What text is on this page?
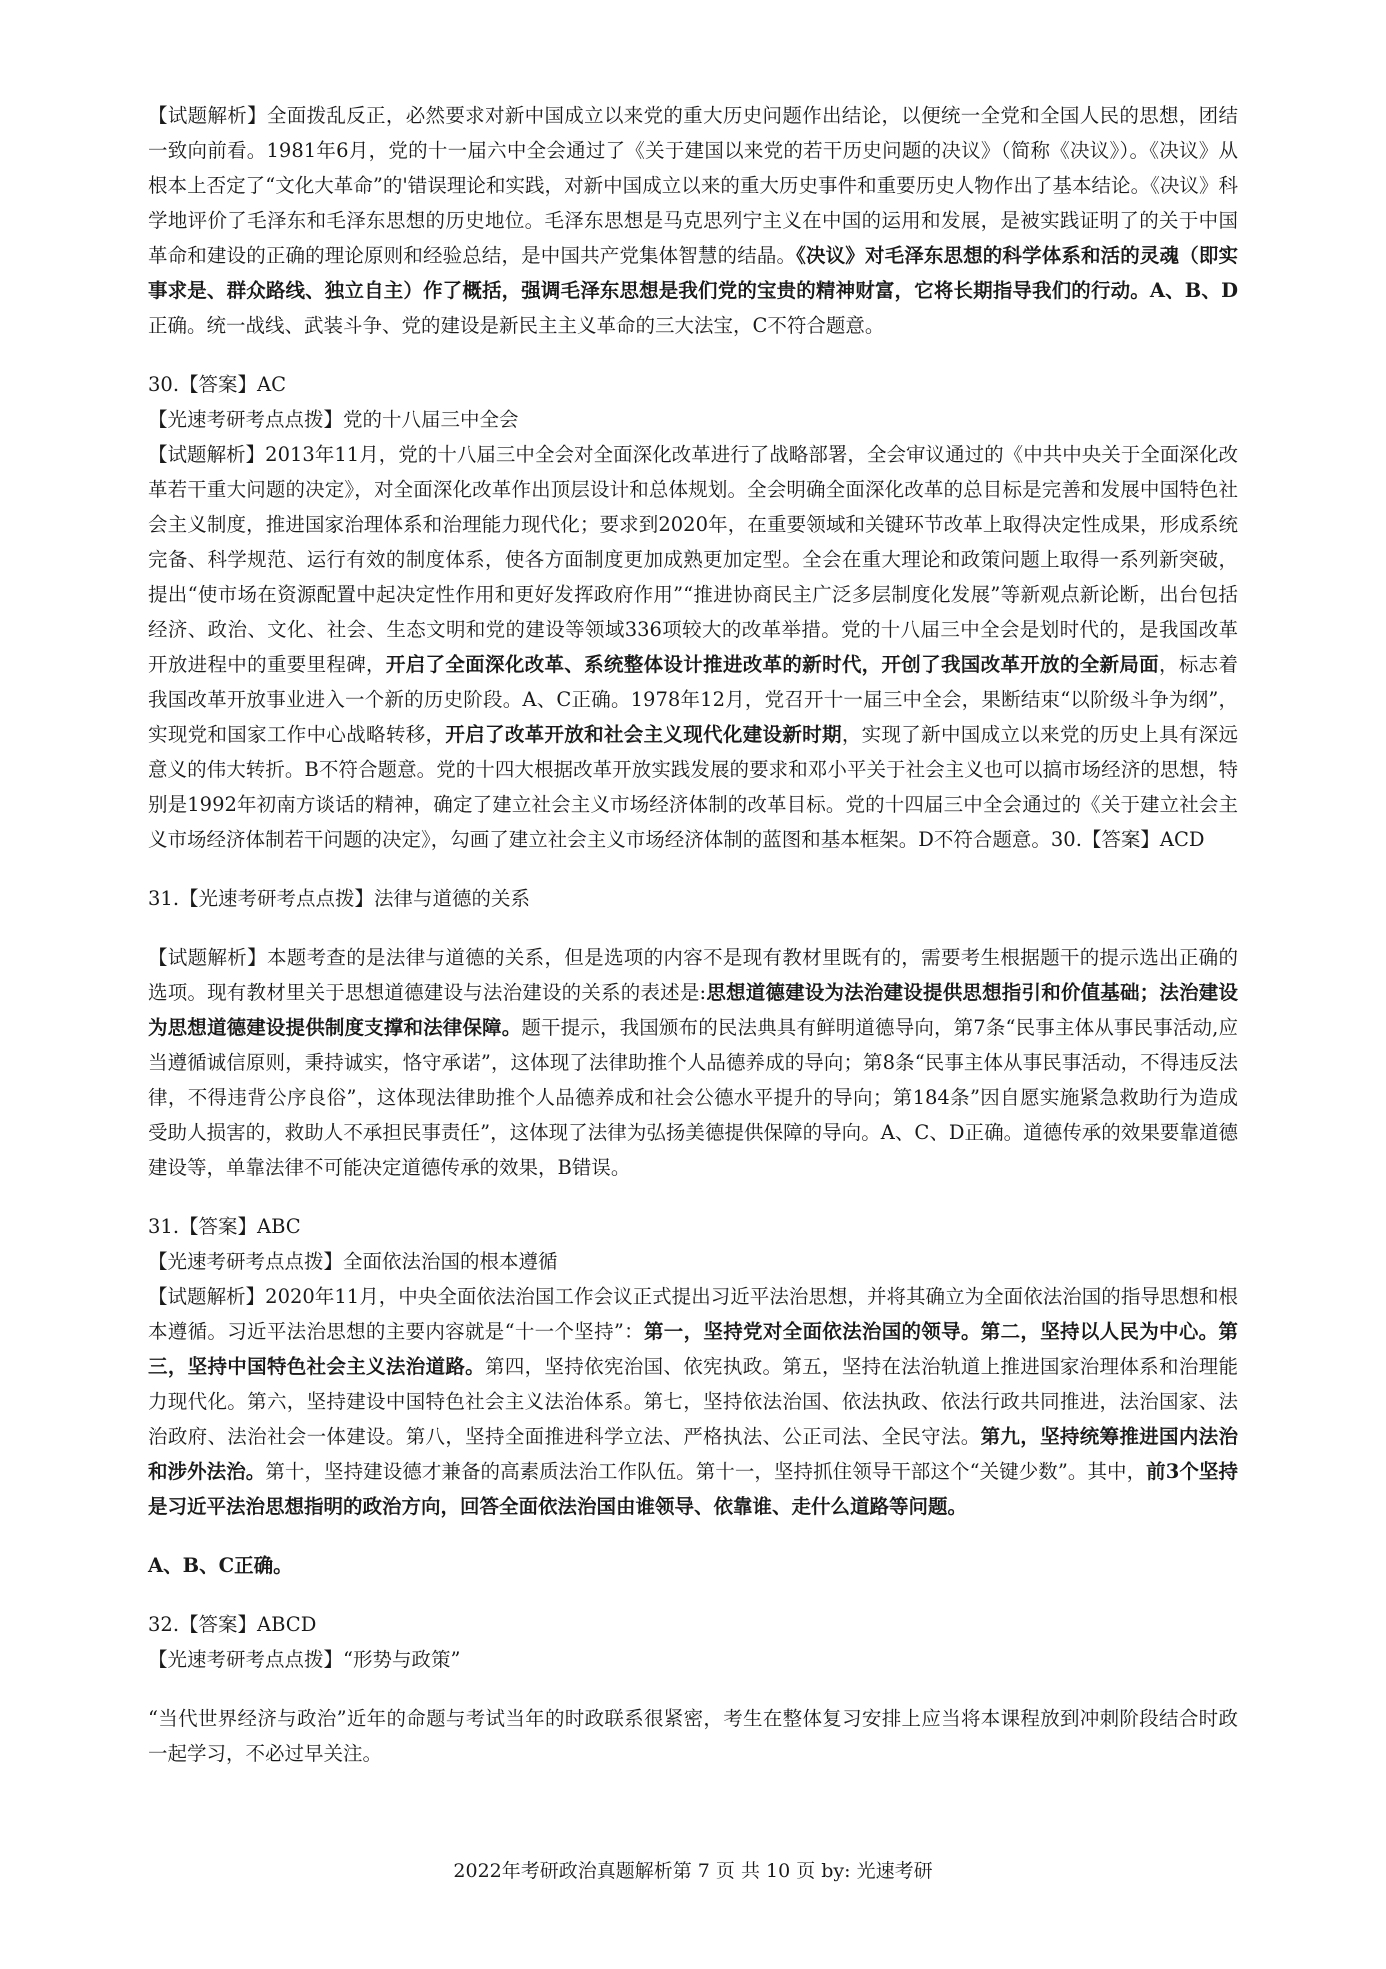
【试题解析】全面拨乱反正，必然要求对新中国成立以来党的重大历史问题作出结论，以便统一全党和全国人民的思想，团结一致向前看。1981年6月，党的十一届六中全会通过了《关于建国以来党的若干历史问题的决议》（简称《决议》）。《决议》从根本上否定了“文化大革命”的'错误理论和实践，对新中国成立以来的重大历史事件和重要历史人物作出了基本结论。《决议》科学地评价了毛泽东和毛泽东思想的历史地位。毛泽东思想是马克思列宁主义在中国的运用和发展，是被实践证明了的关于中国革命和建设的正确的理论原则和经验总结，是中国共产党集体智慧的结晶。《决议》对毛泽东思想的科学体系和活的灵魂（即实事求是、群众路线、独立自主）作了概括，强调毛泽东思想是我们党的宝贵的精神财富，它将长期指导我们的行动。A、B、D正确。统一战线、武装斗争、党的建设是新民主主义革命的三大法宝，C不符合题意。

30.【答案】AC

【光速考研考点点拨】党的十八届三中全会

【试题解析】2013年11月，党的十八届三中全会对全面深化改革进行了战略部署，全会审议通过的《中共中央关于全面深化改革若干重大问题的决定》，对全面深化改革作出顶层设计和总体规划。全会明确全面深化改革的总目标是完善和发展中国特色社会主义制度，推进国家治理体系和治理能力现代化；要求到2020年，在重要领域和关键环节改革上取得决定性成果，形成系统完备、科学规范、运行有效的制度体系，使各方面制度更加成熟更加定型。全会在重大理论和政策问题上取得一系列新突破，提出“使市场在资源配置中起决定性作用和更好发挥政府作用”“推进协商民主广泛多层制度化发展”等新观点新论断，出台包括经济、政治、文化、社会、生态文明和党的建设等领域336项较大的改革举措。党的十八届三中全会是划时代的，是我国改革开放进程中的重要里程碑，开启了全面深化改革、系统整体设计推进改革的新时代，开创了我国改革开放的全新局面，标志着我国改革开放事业进入一个新的历史阶段。A、C正确。1978年12月，党召开十一届三中全会，果断结束“以阶级斗争为纲”，实现党和国家工作中心战略转移，开启了改革开放和社会主义现代化建设新时期，实现了新中国成立以来党的历史上具有深远意义的伟大转折。B不符合题意。党的十四大根据改革开放实践发展的要求和邓小平关于社会主义也可以搞市场经济的思想，特别是1992年初南方谈话的精神，确定了建立社会主义市场经济体制的改革目标。党的十四届三中全会通过的《关于建立社会主义市场经济体制若干问题的决定》，勾画了建立社会主义市场经济体制的蓝图和基本框架。D不符合题意。30.【答案】ACD

31.【光速考研考点点拨】法律与道德的关系

【试题解析】本题考查的是法律与道德的关系，但是选项的内容不是现有教材里既有的，需要考生根据题干的提示选出正确的选项。现有教材里关于思想道德建设与法治建设的关系的表述是:思想道德建设为法治建设提供思想指引和价值基础；法治建设为思想道德建设提供制度支撑和法律保障。题干提示，我国颁布的民法典具有鲜明道德导向，第7条“民事主体从事民事活动,应当遵循诚信原则，秉持诚实，恪守承诺”，这体现了法律助推个人品德养成的导向；第8条“民事主体从事民事活动，不得违反法律，不得违背公序良俗”，这体现法律助推个人品德养成和社会公德水平提升的导向；第184条”因自愿实施紧急救助行为造成受助人损害的，救助人不承担民事责任”，这体现了法律为弘扬美德提供保障的导向。A、C、D正确。道德传承的效果要靠道德建设等，单靠法律不可能决定道德传承的效果，B错误。

31.【答案】ABC

【光速考研考点点拨】全面依法治国的根本遵循

【试题解析】2020年11月，中央全面依法治国工作会议正式提出习近平法治思想，并将其确立为全面依法治国的指导思想和根本遵循。习近平法治思想的主要内容就是“十一个坚持”：第一，坚持党对全面依法治国的领导。第二，坚持以人民为中心。第三，坚持中国特色社会主义法治道路。第四，坚持依宪治国、依宪执政。第五，坚持在法治轨道上推进国家治理体系和治理能力现代化。第六，坚持建设中国特色社会主义法治体系。第七，坚持依法治国、依法执政、依法行政共同推进，法治国家、法治政府、法治社会一体建设。第八，坚持全面推进科学立法、严格执法、公正司法、全民守法。第九，坚持统筹推进国内法治和涉外法治。第十，坚持建设德才兼备的高素质法治工作队伍。第十一，坚持抓住领导干部这个“关键少数”。其中，前3个坚持是习近平法治思想指明的政治方向，回答全面依法治国由谁领导、依靠谁、走什么道路等问题。

A、B、C正确。

32.【答案】ABCD

【光速考研考点点拨】“形势与政策”

“当代世界经济与政治”近年的命题与考试当年的时政联系很紧密，考生在整体复习安排上应当将本课程放到冲刺阶段结合时政一起学习，不必过早关注。

2022年考研政治真题解析第 7 页 共 10 页 by: 光速考研
